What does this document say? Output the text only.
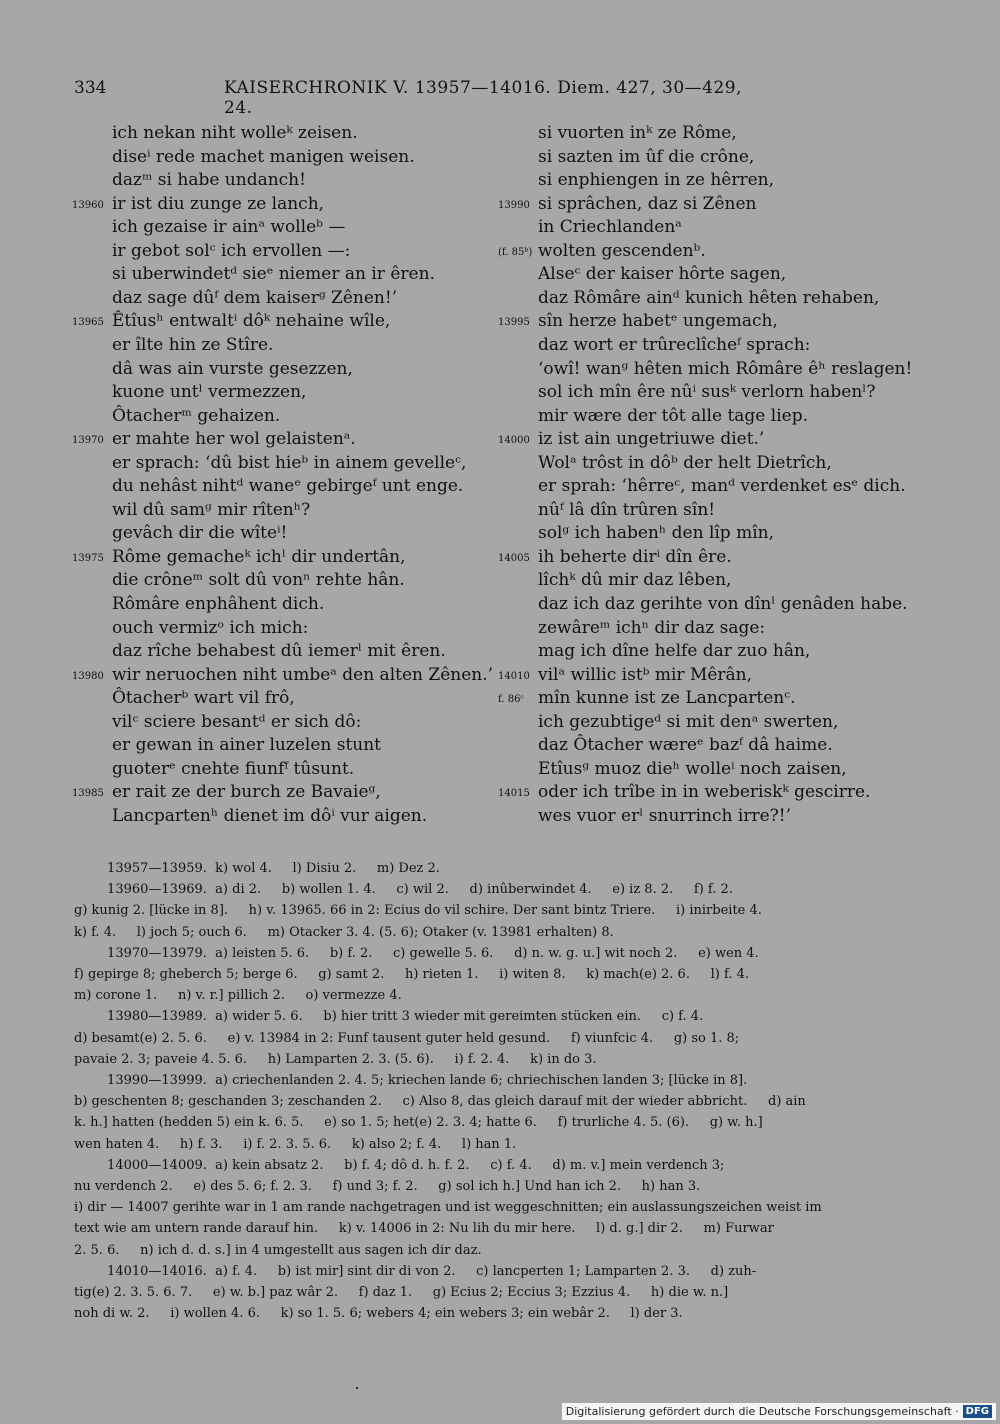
334	KAISERCHRONIK V. 13957—14016. Diem. 427, 30—429, 24.
ich nekan niht wolleᵏ zeisen.
diseⁱ rede machet manigen weisen.
dazᵐ si habe undanch!
13960 ir ist diu zunge ze lanch,
ich gezaise ir ainᵃ wolleᵇ —
ir gebot solᶜ ich ervollen —:
si uberwindetᵈ sieᵉ niemer an ir êren.
daz sage dûᶠ dem kaiserᵍ Zênen!’
13965 Êtîusʰ entwaltⁱ dôᵏ nehaine wîle,
er îlte hin ze Stîre.
dâ was ain vurste gesezzen,
kuone untˡ vermezzen,
Ôtacherᵐ gehaizen.
13970 er mahte her wol gelaistenᵃ.
er sprach: ‘dû bist hieᵇ in ainem gevelleᶜ,
du nehâst nihtᵈ waneᵉ gebirgeᶠ unt enge.
wil dû samᵍ mir rîtenʰ?
gevâch dir die wîteⁱ!
13975 Rôme gemacheᵏ ichˡ dir undertân,
die crôneᵐ solt dû vonⁿ rehte hân.
Rômâre enphâhent dich.
ouch vermizᵒ ich mich:
daz rîche behabest dû iemerˡ mit êren.
13980 wir neruochen niht umbeᵃ den alten Zênen.’
Ôtacherᵇ wart vil frô,
vilᶜ sciere besantᵈ er sich dô:
er gewan in ainer luzelen stunt
guoterᵉ cnehte fiunfᶠ tûsunt.
13985 er rait ze der burch ze Bavaieᵍ,
Lancpartenʰ dienet im dôⁱ vur aigen.
si vuorten inᵏ ze Rôme,
si sazten im ûf die crône,
si enphiengen in ze hêrren,
13990 si sprâchen, daz si Zênen
in Criechlandenᵃ
(f. 85ᵇ) wolten gescendenᵇ.
Alseᶜ der kaiser hôrte sagen,
daz Rômâre ainᵈ kunich hêten rehaben,
13995 sîn herze habetᵉ ungemach,
daz wort er trûreclîcheᶠ sprach:
‘owî! wanᵍ hêten mich Rômâre êʰ reslagen!
sol ich mîn êre nûⁱ susᵏ verlorn habenˡ?
mir wære der tôt alle tage liep.
14000 iz ist ain ungetriuwe diet.’
Wolᵃ trôst in dôᵇ der helt Dietrîch,
er sprah: ‘hêrreᶜ, manᵈ verdenket esᵉ dich.
nûᶠ lâ dîn trûren sîn!
solᵍ ich habenʰ den lîp mîn,
14005 ih beherte dirⁱ dîn êre.
lîchᵏ dû mir daz lêben,
daz ich daz gerihte von dînˡ genâden habe.
zewâreᵐ ichⁿ dir daz sage:
mag ich dîne helfe dar zuo hân,
14010 vilᵃ willic istᵇ mir Mêrân,
f. 86ᶜ mîn kunne ist ze Lancpartenᶜ.
ich gezubtigeᵈ si mit denᵃ swerten,
daz Ôtacher wæreᵉ bazᶠ dâ haime.
Etîusᵍ muoz dieʰ wolleⁱ noch zaisen,
14015 oder ich trîbe in in weberiskᵏ gescirre.
wes vuor erˡ snurrinch irre?!’
13957—13959.  k) wol 4.     l) Disiu 2.     m) Dez 2.
13960—13969.  a) di 2.     b) wollen 1. 4.     c) wil 2.     d) inûberwindet 4.     e) iz 8. 2.     f) f. 2.
g) kunig 2. [lücke in 8].     h) v. 13965. 66 in 2: Ecius do vil schire. Der sant bintz Triere.     i) inirbeite 4.
k) f. 4.     l) joch 5; ouch 6.     m) Otacker 3. 4. (5. 6); Otaker (v. 13981 erhalten) 8.
13970—13979.  a) leisten 5. 6.     b) f. 2.     c) gewelle 5. 6.     d) n. w. g. u.] wit noch 2.     e) wen 4.
f) gepirge 8; gheberch 5; berge 6.     g) samt 2.     h) rieten 1.     i) witen 8.     k) mach(e) 2. 6.     l) f. 4.
m) corone 1.     n) v. r.] pillich 2.     o) vermezze 4.
13980—13989.  a) wider 5. 6.     b) hier tritt 3 wieder mit gereimten stücken ein.     c) f. 4.
d) besamt(e) 2. 5. 6.     e) v. 13984 in 2: Funf tausent guter held gesund.     f) viunfcic 4.     g) so 1. 8;
pavaie 2. 3; paveie 4. 5. 6.     h) Lamparten 2. 3. (5. 6).     i) f. 2. 4.     k) in do 3.
13990—13999.  a) criechenlanden 2. 4. 5; kriechen lande 6; chriechischen landen 3; [lücke in 8].
b) geschenten 8; geschanden 3; zeschanden 2.     c) Also 8, das gleich darauf mit der wieder abbricht.     d) ain
k. h.] hatten (hedden 5) ein k. 6. 5.     e) so 1. 5; het(e) 2. 3. 4; hatte 6.     f) trurliche 4. 5. (6).     g) w. h.]
wen haten 4.     h) f. 3.     i) f. 2. 3. 5. 6.     k) also 2; f. 4.     l) han 1.
14000—14009.  a) kein absatz 2.     b) f. 4; dô d. h. f. 2.     c) f. 4.     d) m. v.] mein verdench 3;
nu verdench 2.     e) des 5. 6; f. 2. 3.     f) und 3; f. 2.     g) sol ich h.] Und han ich 2.     h) han 3.
i) dir — 14007 gerihte war in 1 am rande nachgetragen und ist weggeschnitten; ein auslassungszeichen weist im
text wie am untern rande darauf hin.     k) v. 14006 in 2: Nu lih du mir here.     l) d. g.] dir 2.     m) Furwar
2. 5. 6.     n) ich d. d. s.] in 4 umgestellt aus sagen ich dir daz.
14010—14016.  a) f. 4.     b) ist mir] sint dir di von 2.     c) lancperten 1; Lamparten 2. 3.     d) zuh-
tig(e) 2. 3. 5. 6. 7.     e) w. b.] paz wâr 2.     f) daz 1.     g) Ecius 2; Eccius 3; Ezzius 4.     h) die w. n.]
noh di w. 2.     i) wollen 4. 6.     k) so 1. 5. 6; webers 4; ein webers 3; ein webâr 2.     l) der 3.
Digitalisierung gefördert durch die Deutsche Forschungsgemeinschaft · DFG
